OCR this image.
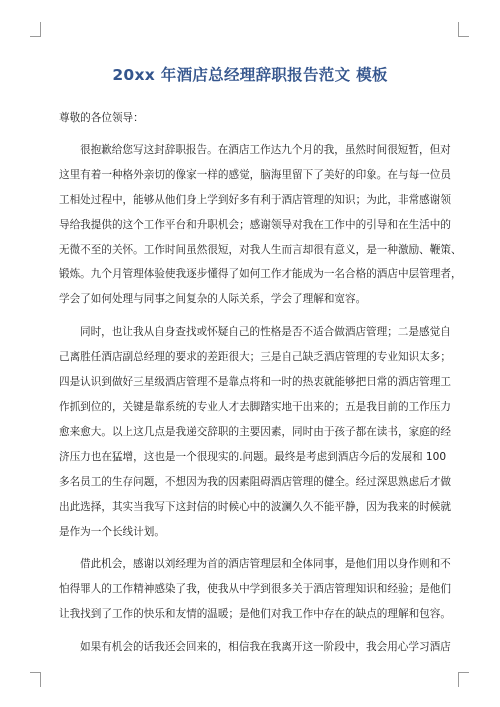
20xx 年酒店总经理辞职报告范文 模板
尊敬的各位领导：
很抱歉给您写这封辞职报告。在酒店工作达九个月的我，虽然时间很短暂，但对
这里有着一种格外亲切的像家一样的感觉，脑海里留下了美好的印象。在与每一位员
工相处过程中，能够从他们身上学到好多有利于酒店管理的知识；为此，非常感谢领
导给我提供的这个工作平台和升职机会；感谢领导对我在工作中的引导和在生活中的
无微不至的关怀。工作时间虽然很短，对我人生而言却很有意义，是一种激励、鞭策、
锻炼。九个月管理体验使我逐步懂得了如何工作才能成为一名合格的酒店中层管理者，
学会了如何处理与同事之间复杂的人际关系，学会了理解和宽容。
同时，也让我从自身查找或怀疑自己的性格是否不适合做酒店管理；二是感觉自
己离胜任酒店副总经理的要求的差距很大；三是自己缺乏酒店管理的专业知识太多；
四是认识到做好三星级酒店管理不是靠点将和一时的热衷就能够把日常的酒店管理工
作抓到位的，关键是靠系统的专业人才去脚踏实地干出来的；五是我目前的工作压力
愈来愈大。以上这几点是我递交辞职的主要因素，同时由于孩子都在读书，家庭的经
济压力也在猛增，这也是一个很现实的.问题。最终是考虑到酒店今后的发展和 100
多名员工的生存问题，不想因为我的因素阻碍酒店管理的健全。经过深思熟虑后才做
出此选择，其实当我写下这封信的时候心中的波澜久久不能平静，因为我来的时候就
是作为一个长线计划。
借此机会，感谢以刘经理为首的酒店管理层和全体同事，是他们用以身作则和不
怕得罪人的工作精神感染了我，使我从中学到很多关于酒店管理知识和经验；是他们
让我找到了工作的快乐和友情的温暖；是他们对我工作中存在的缺点的理解和包容。
如果有机会的话我还会回来的，相信我在我离开这一阶段中，我会用心学习酒店
